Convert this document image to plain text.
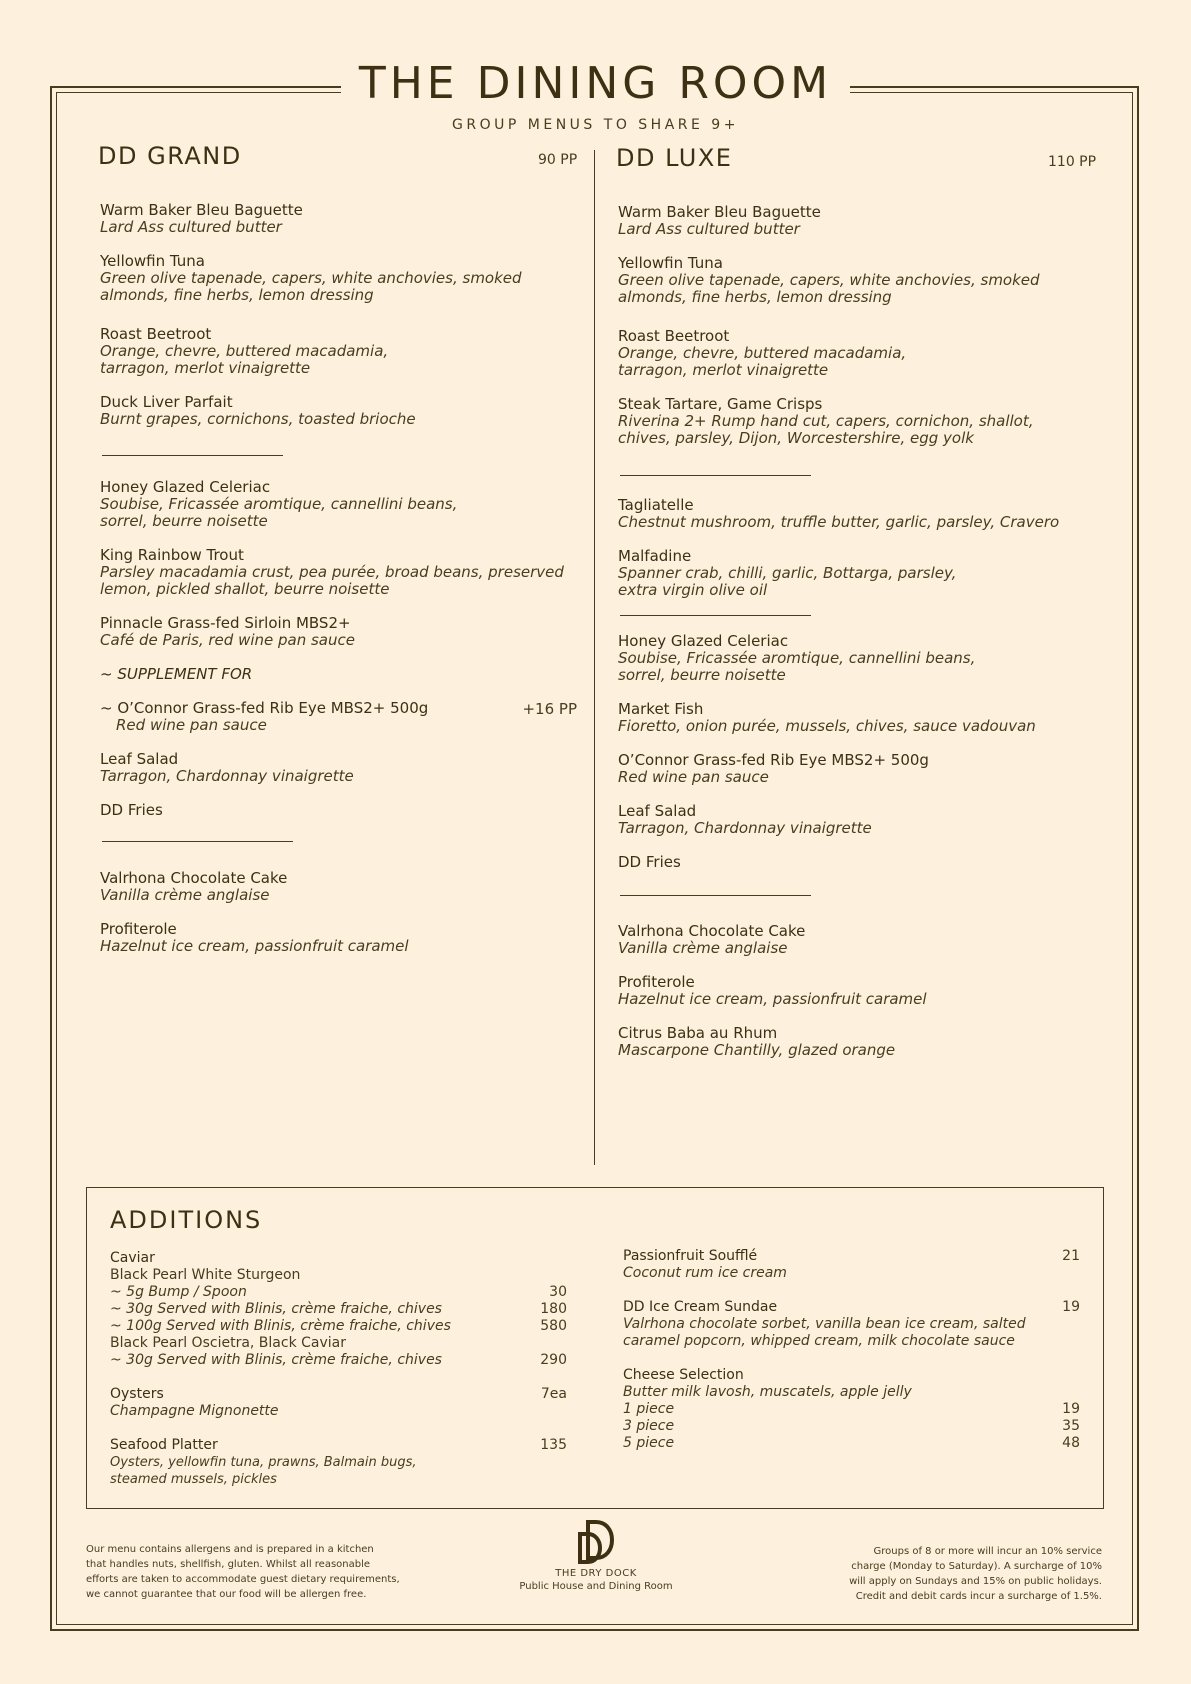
THE DINING ROOM
GROUP MENUS TO SHARE 9+
DD GRAND	90 PP
Warm Baker Bleu Baguette
Lard Ass cultured butter
Yellowfin Tuna
Green olive tapenade, capers, white anchovies, smoked almonds, fine herbs, lemon dressing
Roast Beetroot
Orange, chevre, buttered macadamia, tarragon, merlot vinaigrette
Duck Liver Parfait
Burnt grapes, cornichons, toasted brioche
Honey Glazed Celeriac
Soubise, Fricassée aromtique, cannellini beans, sorrel, beurre noisette
King Rainbow Trout
Parsley macadamia crust, pea purée, broad beans, preserved lemon, pickled shallot, beurre noisette
Pinnacle Grass-fed Sirloin MBS2+
Café de Paris, red wine pan sauce
~ SUPPLEMENT FOR
~ O’Connor Grass-fed Rib Eye MBS2+ 500g
Red wine pan sauce
+16 PP
Leaf Salad
Tarragon, Chardonnay vinaigrette
DD Fries
Valrhona Chocolate Cake
Vanilla crème anglaise
Profiterole
Hazelnut ice cream, passionfruit caramel
DD LUXE	110 PP
Warm Baker Bleu Baguette
Lard Ass cultured butter
Yellowfin Tuna
Green olive tapenade, capers, white anchovies, smoked almonds, fine herbs, lemon dressing
Roast Beetroot
Orange, chevre, buttered macadamia, tarragon, merlot vinaigrette
Steak Tartare, Game Crisps
Riverina 2+ Rump hand cut, capers, cornichon, shallot, chives, parsley, Dijon, Worcestershire, egg yolk
Tagliatelle
Chestnut mushroom, truffle butter, garlic, parsley, Cravero
Malfadine
Spanner crab, chilli, garlic, Bottarga, parsley, extra virgin olive oil
Honey Glazed Celeriac
Soubise, Fricassée aromtique, cannellini beans, sorrel, beurre noisette
Market Fish
Fioretto, onion purée, mussels, chives, sauce vadouvan
O’Connor Grass-fed Rib Eye MBS2+ 500g
Red wine pan sauce
Leaf Salad
Tarragon, Chardonnay vinaigrette
DD Fries
Valrhona Chocolate Cake
Vanilla crème anglaise
Profiterole
Hazelnut ice cream, passionfruit caramel
Citrus Baba au Rhum
Mascarpone Chantilly, glazed orange
ADDITIONS
Caviar
Black Pearl White Sturgeon
~ 5g Bump / Spoon	30
~ 30g Served with Blinis, crème fraiche, chives	180
~ 100g Served with Blinis, crème fraiche, chives	580
Black Pearl Oscietra, Black Caviar
~ 30g Served with Blinis, crème fraiche, chives	290
Oysters	7ea
Champagne Mignonette
Seafood Platter	135
Oysters, yellowfin tuna, prawns, Balmain bugs,
steamed mussels, pickles
Passionfruit Soufflé	21
Coconut rum ice cream
DD Ice Cream Sundae	19
Valrhona chocolate sorbet, vanilla bean ice cream, salted
caramel popcorn, whipped cream, milk chocolate sauce
Cheese Selection
Butter milk lavosh, muscatels, apple jelly
1 piece	19
3 piece	35
5 piece	48
Our menu contains allergens and is prepared in a kitchen
that handles nuts, shellfish, gluten. Whilst all reasonable
efforts are taken to accommodate guest dietary requirements,
we cannot guarantee that our food will be allergen free.
THE DRY DOCK
Public House and Dining Room
Groups of 8 or more will incur an 10% service
charge (Monday to Saturday). A surcharge of 10%
will apply on Sundays and 15% on public holidays.
Credit and debit cards incur a surcharge of 1.5%.
